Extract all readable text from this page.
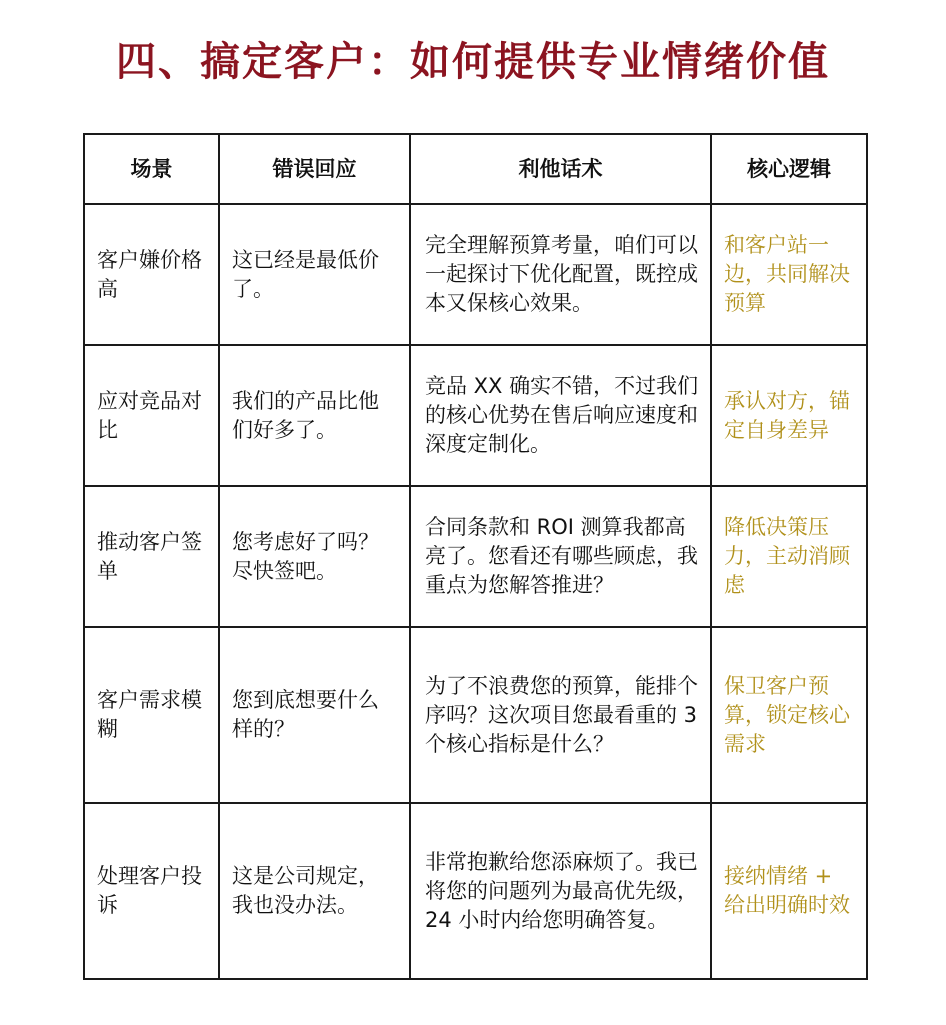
四、搞定客户：如何提供专业情绪价值
场景	错误回应	利他话术	核心逻辑
客户嫌价格高	这已经是最低价了。	完全理解预算考量，咱们可以一起探讨下优化配置，既控成本又保核心效果。	和客户站一边，共同解决预算
应对竞品对比	我们的产品比他们好多了。	竞品 XX 确实不错，不过我们的核心优势在售后响应速度和深度定制化。	承认对方，锚定自身差异
推动客户签单	您考虑好了吗？尽快签吧。	合同条款和 ROI 测算我都高亮了。您看还有哪些顾虑，我重点为您解答推进？	降低决策压力，主动消顾虑
客户需求模糊	您到底想要什么样的？	为了不浪费您的预算，能排个序吗？这次项目您最看重的 3 个核心指标是什么？	保卫客户预算，锁定核心需求
处理客户投诉	这是公司规定，我也没办法。	非常抱歉给您添麻烦了。我已将您的问题列为最高优先级，24 小时内给您明确答复。	接纳情绪 + 给出明确时效
